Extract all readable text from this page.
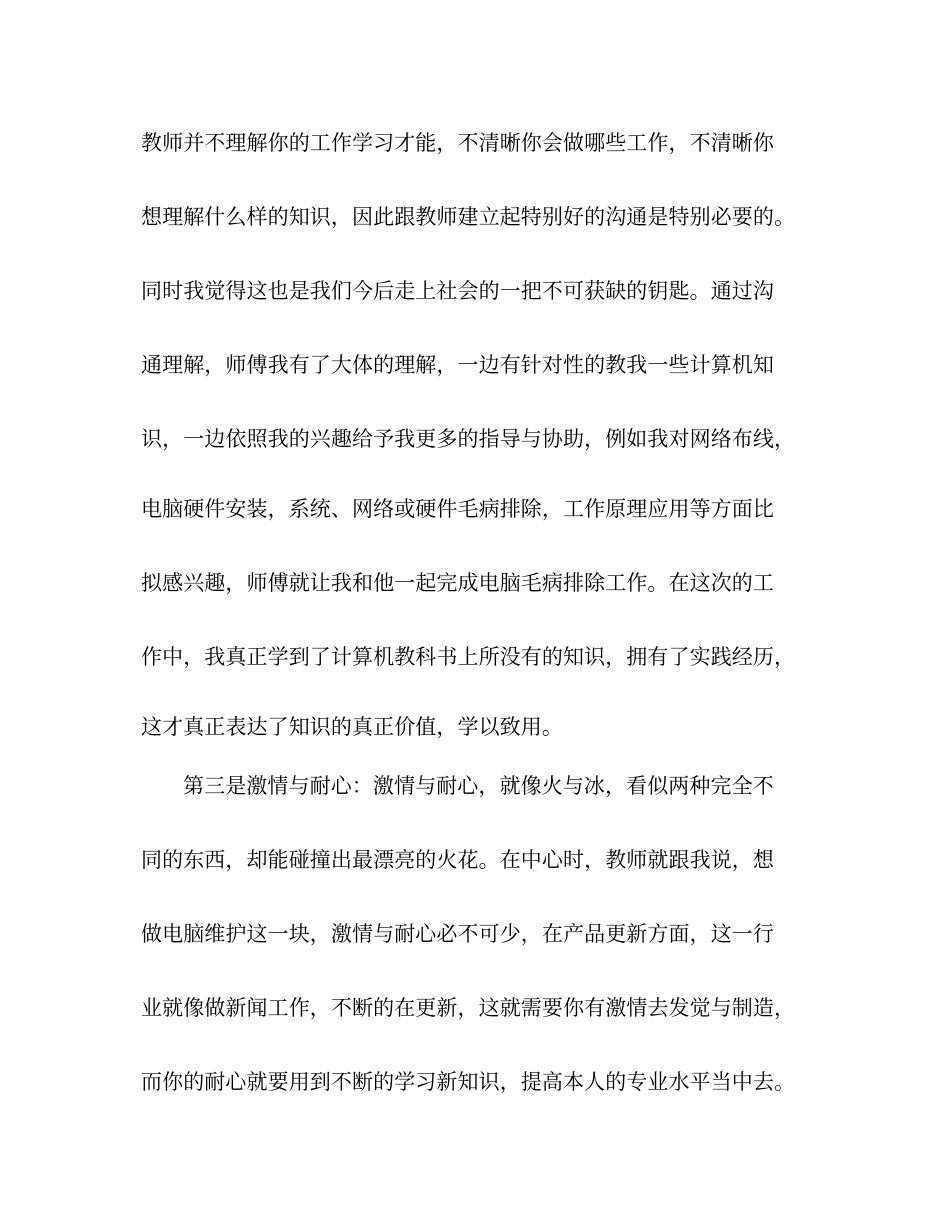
教师并不理解你的工作学习才能，不清晰你会做哪些工作，不清晰你
想理解什么样的知识，因此跟教师建立起特别好的沟通是特别必要的。
同时我觉得这也是我们今后走上社会的一把不可获缺的钥匙。通过沟
通理解，师傅我有了大体的理解，一边有针对性的教我一些计算机知
识，一边依照我的兴趣给予我更多的指导与协助，例如我对网络布线，
电脑硬件安装，系统、网络或硬件毛病排除，工作原理应用等方面比
拟感兴趣，师傅就让我和他一起完成电脑毛病排除工作。在这次的工
作中，我真正学到了计算机教科书上所没有的知识，拥有了实践经历，
这才真正表达了知识的真正价值，学以致用。
第三是激情与耐心：激情与耐心，就像火与冰，看似两种完全不
同的东西，却能碰撞出最漂亮的火花。在中心时，教师就跟我说，想
做电脑维护这一块，激情与耐心必不可少，在产品更新方面，这一行
业就像做新闻工作，不断的在更新，这就需要你有激情去发觉与制造，
而你的耐心就要用到不断的学习新知识，提高本人的专业水平当中去。
